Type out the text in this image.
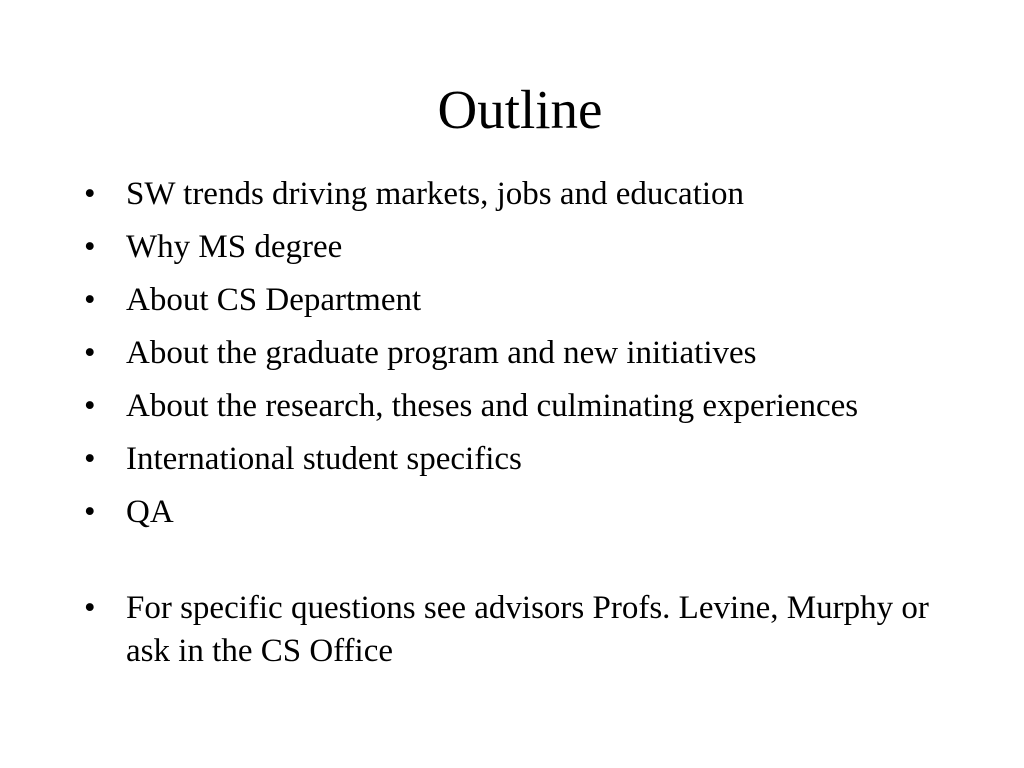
Outline
• SW trends driving markets, jobs and education
• Why MS degree
• About CS Department
• About the graduate program and new initiatives
• About the research, theses and culminating experiences
• International student specifics
• QA
• For specific questions see advisors Profs. Levine, Murphy or ask in the CS Office
